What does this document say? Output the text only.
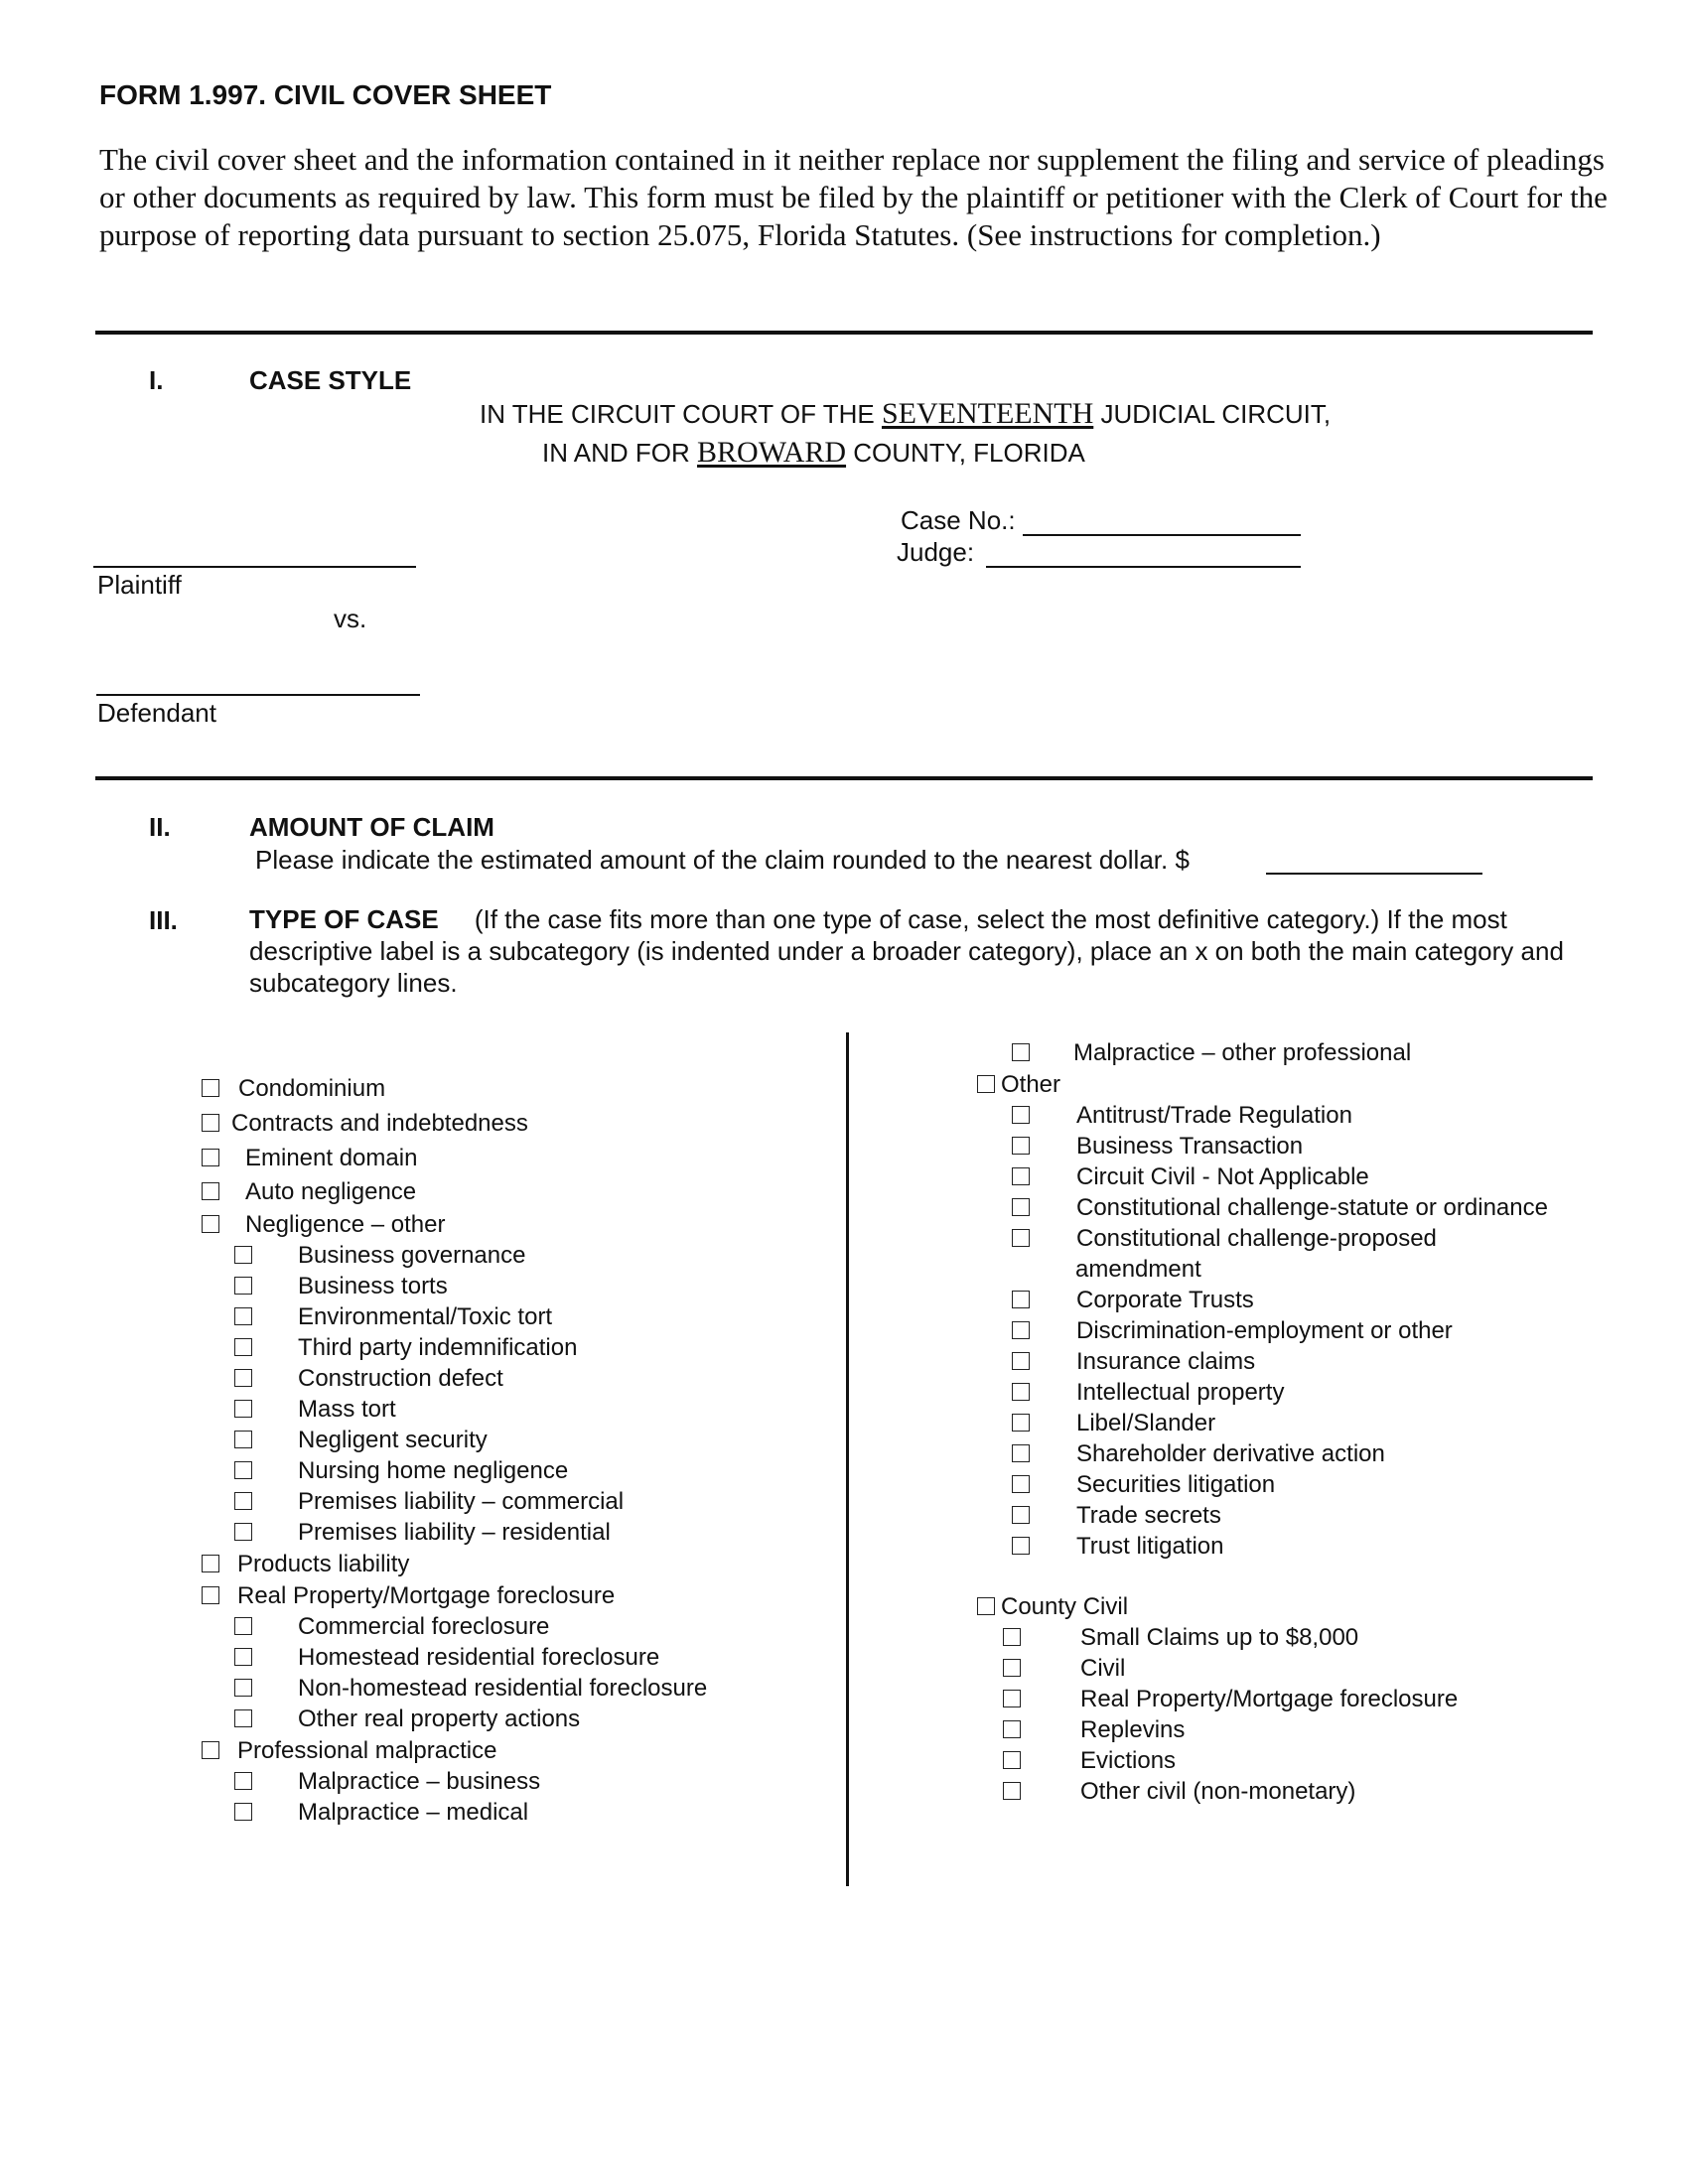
FORM 1.997. CIVIL COVER SHEET
The civil cover sheet and the information contained in it neither replace nor supplement the filing and service of pleadings or other documents as required by law. This form must be filed by the plaintiff or petitioner with the Clerk of Court for the purpose of reporting data pursuant to section 25.075, Florida Statutes. (See instructions for completion.)
I.	CASE STYLE
IN THE CIRCUIT COURT OF THE SEVENTEENTH JUDICIAL CIRCUIT,
IN AND FOR BROWARD COUNTY, FLORIDA
Case No.:
Judge:
Plaintiff
vs.
Defendant
II.	AMOUNT OF CLAIM
Please indicate the estimated amount of the claim rounded to the nearest dollar. $
III.	TYPE OF CASE (If the case fits more than one type of case, select the most definitive category.) If the most descriptive label is a subcategory (is indented under a broader category), place an x on both the main category and subcategory lines.
Condominium
Contracts and indebtedness
Eminent domain
Auto negligence
Negligence – other
Business governance
Business torts
Environmental/Toxic tort
Third party indemnification
Construction defect
Mass tort
Negligent security
Nursing home negligence
Premises liability – commercial
Premises liability – residential
Products liability
Real Property/Mortgage foreclosure
Commercial foreclosure
Homestead residential foreclosure
Non-homestead residential foreclosure
Other real property actions
Professional malpractice
Malpractice – business
Malpractice – medical
Malpractice – other professional
Other
Antitrust/Trade Regulation
Business Transaction
Circuit Civil - Not Applicable
Constitutional challenge-statute or ordinance
Constitutional challenge-proposed
amendment
Corporate Trusts
Discrimination-employment or other
Insurance claims
Intellectual property
Libel/Slander
Shareholder derivative action
Securities litigation
Trade secrets
Trust litigation
County Civil
Small Claims up to $8,000
Civil
Real Property/Mortgage foreclosure
Replevins
Evictions
Other civil (non-monetary)
